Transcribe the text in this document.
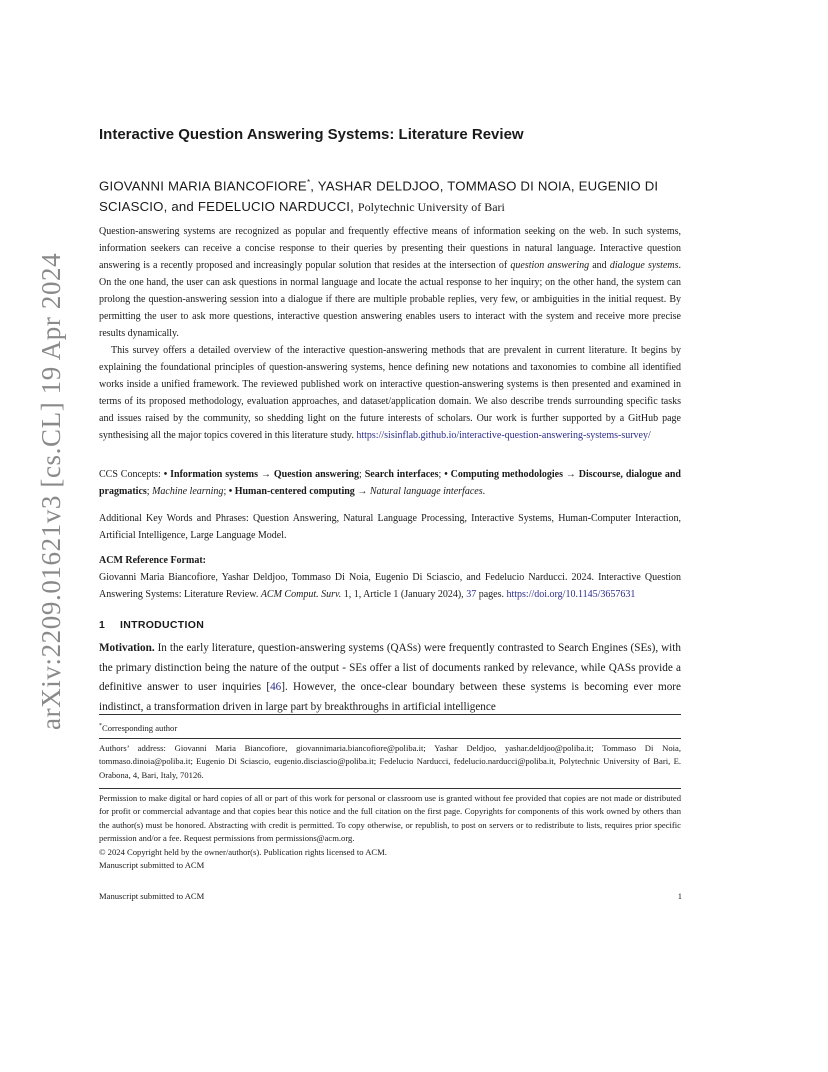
arXiv:2209.01621v3 [cs.CL] 19 Apr 2024
Interactive Question Answering Systems: Literature Review
GIOVANNI MARIA BIANCOFIORE*, YASHAR DELDJOO, TOMMASO DI NOIA, EUGENIO DI SCIASCIO, and FEDELUCIO NARDUCCI, Polytechnic University of Bari

Question-answering systems are recognized as popular and frequently effective means of information seeking on the web. In such systems, information seekers can receive a concise response to their queries by presenting their questions in natural language. Interactive question answering is a recently proposed and increasingly popular solution that resides at the intersection of question answering and dialogue systems. On the one hand, the user can ask questions in normal language and locate the actual response to her inquiry; on the other hand, the system can prolong the question-answering session into a dialogue if there are multiple probable replies, very few, or ambiguities in the initial request. By permitting the user to ask more questions, interactive question answering enables users to interact with the system and receive more precise results dynamically.

This survey offers a detailed overview of the interactive question-answering methods that are prevalent in current literature. It begins by explaining the foundational principles of question-answering systems, hence defining new notations and taxonomies to combine all identified works inside a unified framework. The reviewed published work on interactive question-answering systems is then presented and examined in terms of its proposed methodology, evaluation approaches, and dataset/application domain. We also describe trends surrounding specific tasks and issues raised by the community, so shedding light on the future interests of scholars. Our work is further supported by a GitHub page synthesising all the major topics covered in this literature study. https://sisinflab.github.io/interactive-question-answering-systems-survey/

CCS Concepts: • Information systems → Question answering; Search interfaces; • Computing methodologies → Discourse, dialogue and pragmatics; Machine learning; • Human-centered computing → Natural language interfaces.
Additional Key Words and Phrases: Question Answering, Natural Language Processing, Interactive Systems, Human-Computer Interaction, Artificial Intelligence, Large Language Model.
ACM Reference Format:
Giovanni Maria Biancofiore, Yashar Deldjoo, Tommaso Di Noia, Eugenio Di Sciascio, and Fedelucio Narducci. 2024. Interactive Question Answering Systems: Literature Review. ACM Comput. Surv. 1, 1, Article 1 (January 2024), 37 pages. https://doi.org/10.1145/3657631
1 INTRODUCTION
Motivation. In the early literature, question-answering systems (QASs) were frequently contrasted to Search Engines (SEs), with the primary distinction being the nature of the output - SEs offer a list of documents ranked by relevance, while QASs provide a definitive answer to user inquiries [46]. However, the once-clear boundary between these systems is becoming ever more indistinct, a transformation driven in large part by breakthroughs in artificial intelligence
*Corresponding author
Authors’ address: Giovanni Maria Biancofiore, giovannimaria.biancofiore@poliba.it; Yashar Deldjoo, yashar.deldjoo@poliba.it; Tommaso Di Noia, tommaso.dinoia@poliba.it; Eugenio Di Sciascio, eugenio.disciascio@poliba.it; Fedelucio Narducci, fedelucio.narducci@poliba.it, Polytechnic University of Bari, E. Orabona, 4, Bari, Italy, 70126.
Permission to make digital or hard copies of all or part of this work for personal or classroom use is granted without fee provided that copies are not made or distributed for profit or commercial advantage and that copies bear this notice and the full citation on the first page. Copyrights for components of this work owned by others than the author(s) must be honored. Abstracting with credit is permitted. To copy otherwise, or republish, to post on servers or to redistribute to lists, requires prior specific permission and/or a fee. Request permissions from permissions@acm.org.
© 2024 Copyright held by the owner/author(s). Publication rights licensed to ACM.
Manuscript submitted to ACM
Manuscript submitted to ACM	1
